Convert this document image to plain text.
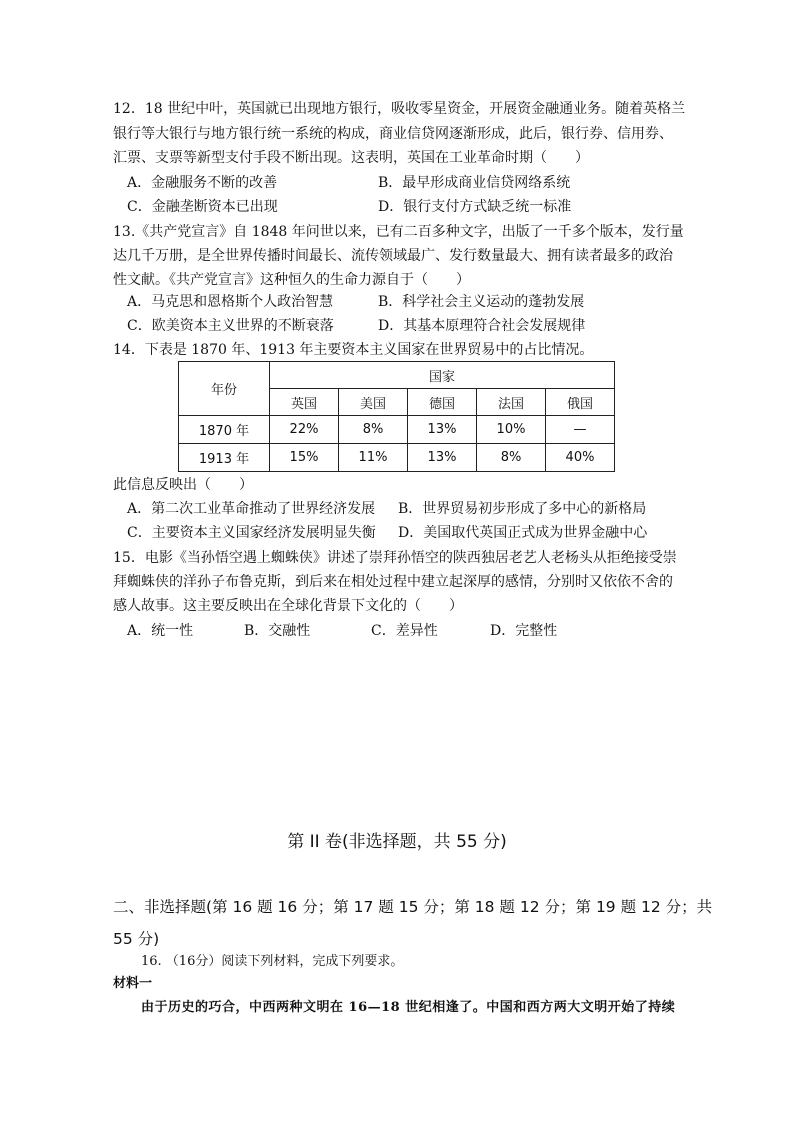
12．18 世纪中叶，英国就已出现地方银行，吸收零星资金，开展资金融通业务。随着英格兰
银行等大银行与地方银行统一系统的构成，商业信贷网逐渐形成，此后，银行券、信用券、
汇票、支票等新型支付手段不断出现。这表明，英国在工业革命时期（　　）
A．金融服务不断的改善	B．最早形成商业信贷网络系统
C．金融垄断资本已出现	D．银行支付方式缺乏统一标准
13.《共产党宣言》自 1848 年问世以来，已有二百多种文字，出版了一千多个版本，发行量
达几千万册，是全世界传播时间最长、流传领域最广、发行数量最大、拥有读者最多的政治
性文献。《共产党宣言》这种恒久的生命力源自于（　　）
A．马克思和恩格斯个人政治智慧	B．科学社会主义运动的蓬勃发展
C．欧美资本主义世界的不断衰落	D．其基本原理符合社会发展规律
14．下表是 1870 年、1913 年主要资本主义国家在世界贸易中的占比情况。
年份	国家				
	英国	美国	德国	法国	俄国
1870 年	22%	8%	13%	10%	—
1913 年	15%	11%	13%	8%	40%
此信息反映出（　　）
A．第二次工业革命推动了世界经济发展 B．世界贸易初步形成了多中心的新格局
C．主要资本主义国家经济发展明显失衡 D．美国取代英国正式成为世界金融中心
15．电影《当孙悟空遇上蜘蛛侠》讲述了崇拜孙悟空的陕西独居老艺人老杨头从拒绝接受崇
拜蜘蛛侠的洋孙子布鲁克斯，到后来在相处过程中建立起深厚的感情，分别时又依依不舍的
感人故事。这主要反映出在全球化背景下文化的（　　）
A．统一性	B．交融性	C．差异性	D．完整性
第 II 卷(非选择题，共 55 分)
二、非选择题(第 16 题 16 分；第 17 题 15 分；第 18 题 12 分；第 19 题 12 分；共
55 分)
16. （16分）阅读下列材料，完成下列要求。
材料一
由于历史的巧合，中西两种文明在 16—18 世纪相逢了。中国和西方两大文明开始了持续
